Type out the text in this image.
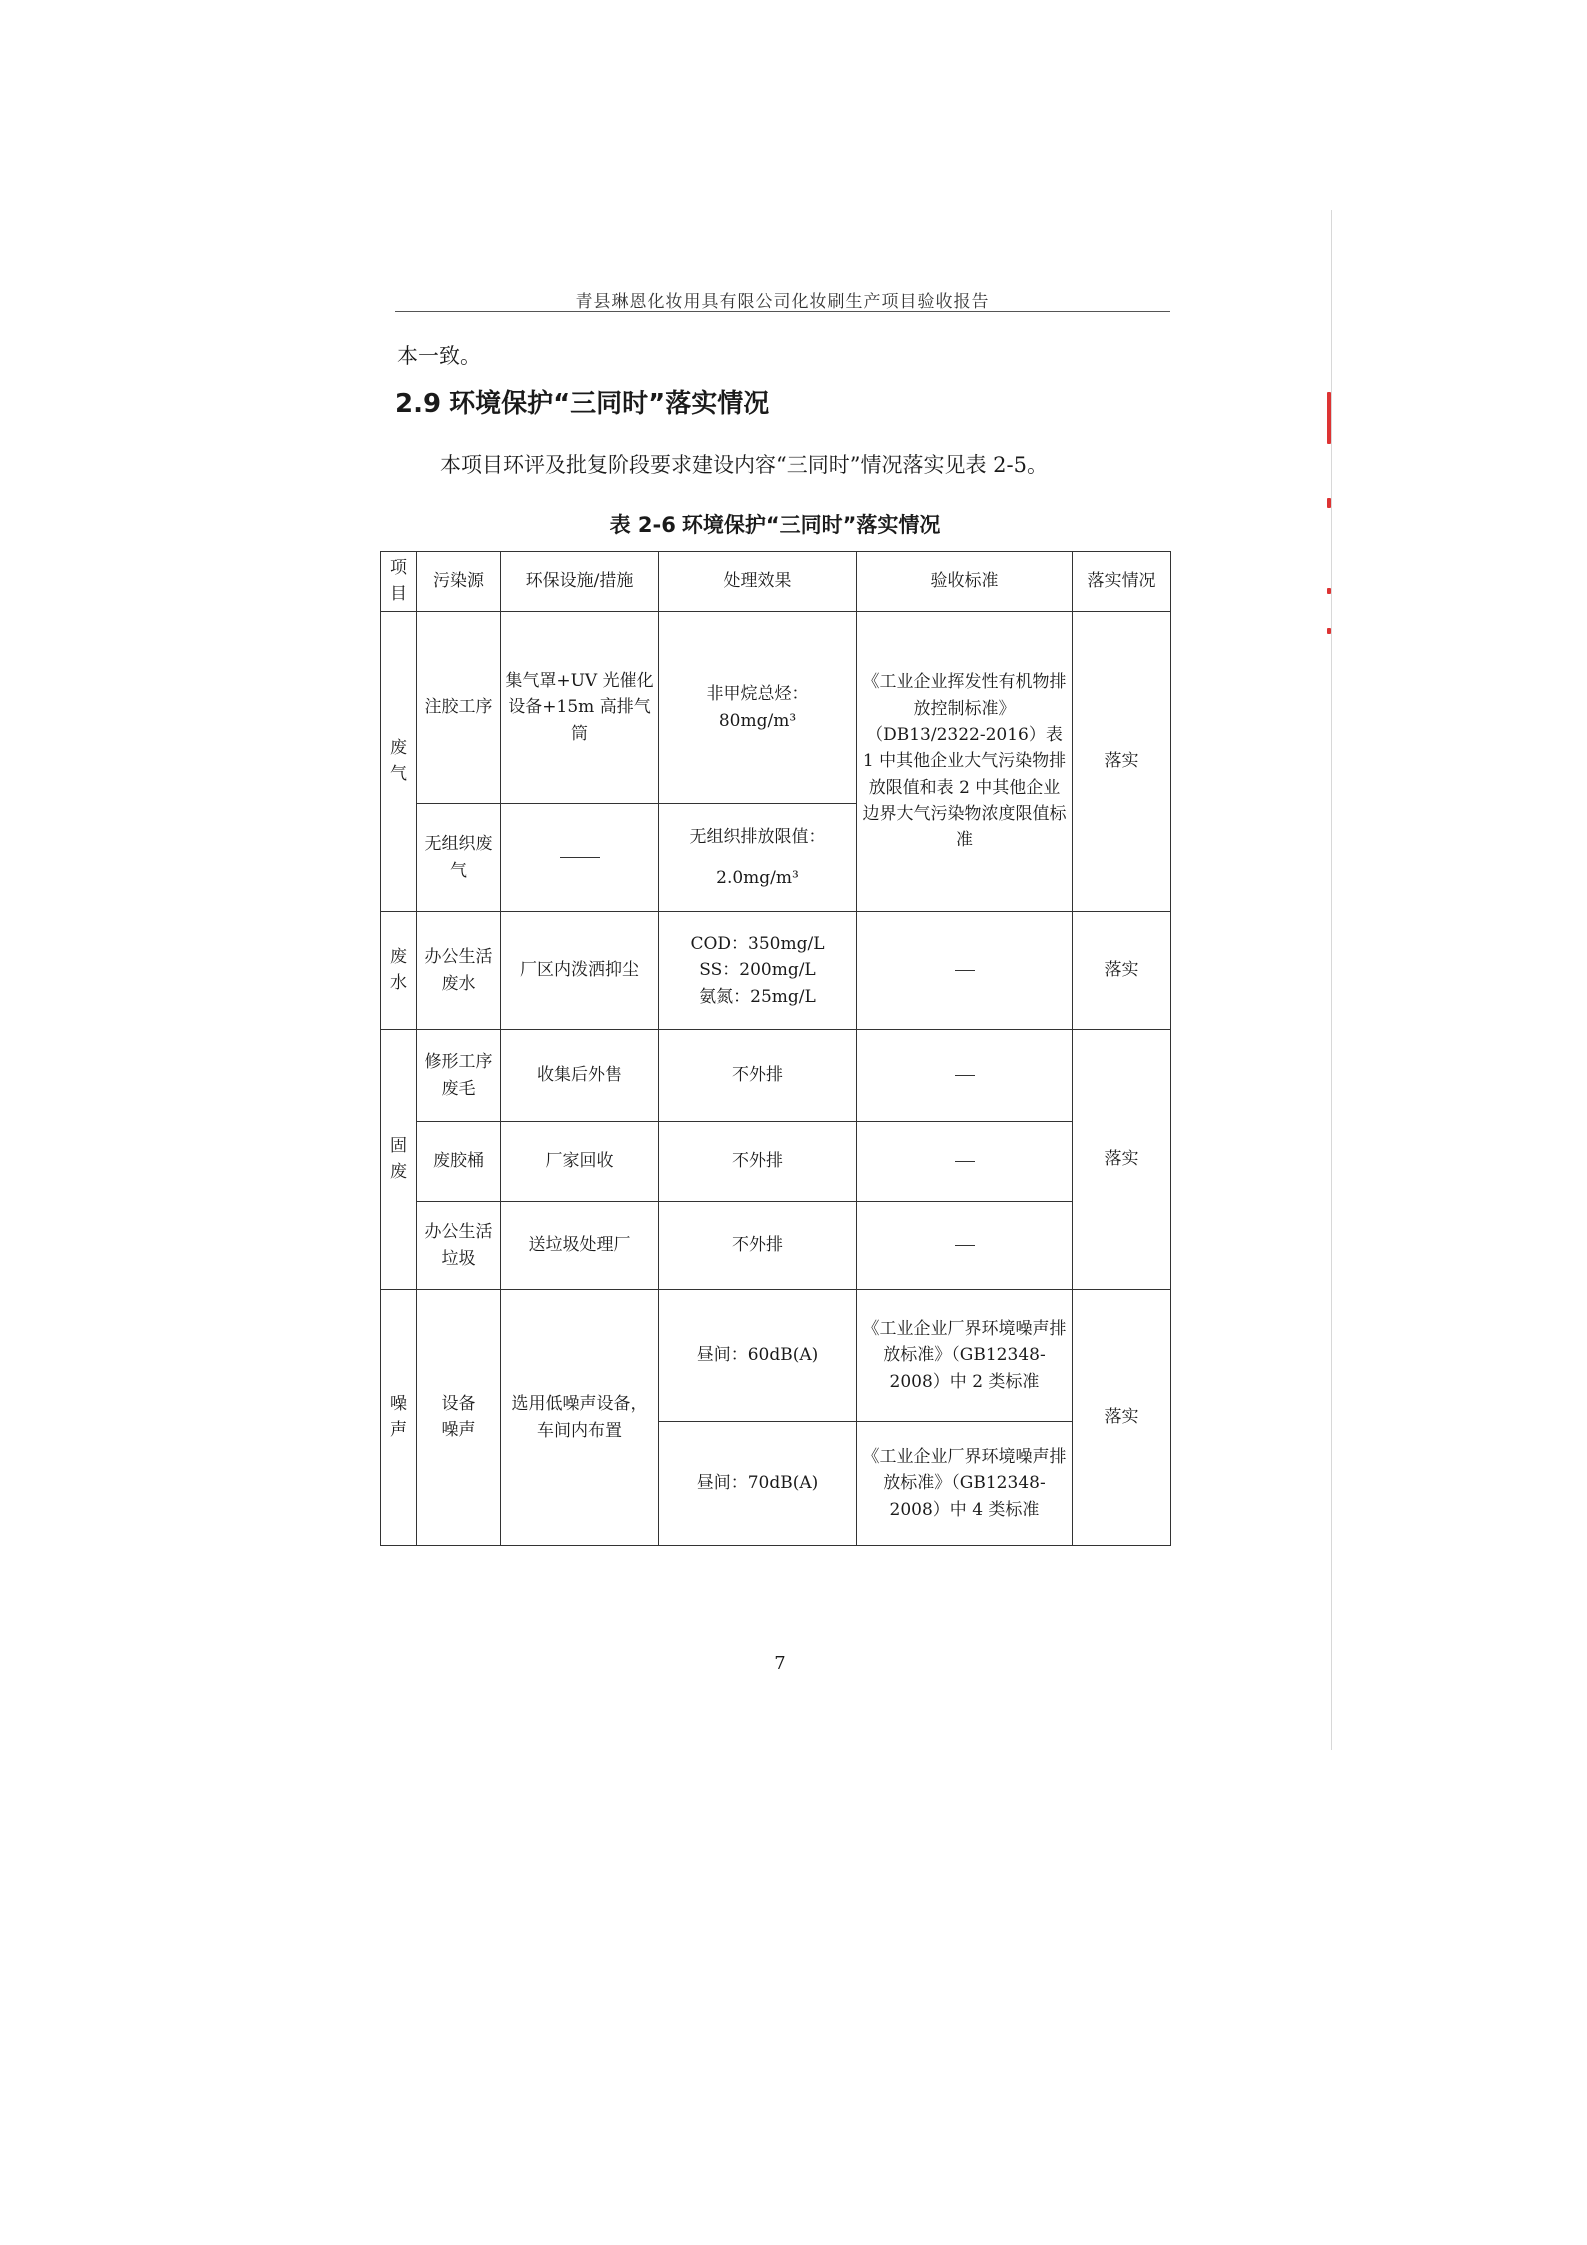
青县琳恩化妆用具有限公司化妆刷生产项目验收报告
本一致。
2.9 环境保护“三同时”落实情况
本项目环评及批复阶段要求建设内容“三同时”情况落实见表 2-5。
表 2-6 环境保护“三同时”落实情况
项目	污染源	环保设施/措施	处理效果	验收标准	落实情况

废气	注胶工序	集气罩+UV 光催化设备+15m 高排气筒	非甲烷总烃：
80mg/m³	《工业企业挥发性有机物排放控制标准》（DB13/2322-2016）表 1 中其他企业大气污染物排放限值和表 2 中其他企业边界大气污染物浓度限值标准	落实
	无组织废气		无组织排放限值：
2.0mg/m³		

废水	办公生活废水	厂区内泼洒抑尘	COD：350mg/L
SS：200mg/L
氨氮：25mg/L		落实

固废	修形工序废毛	收集后外售	不外排		落实
	废胶桶	厂家回收	不外排		
	办公生活垃圾	送垃圾处理厂	不外排		

噪声	设备噪声	选用低噪声设备，车间内布置	昼间：60dB(A)	《工业企业厂界环境噪声排放标准》（GB12348-2008）中 2 类标准	落实
			昼间：70dB(A)	《工业企业厂界环境噪声排放标准》（GB12348-2008）中 4 类标准	
7
